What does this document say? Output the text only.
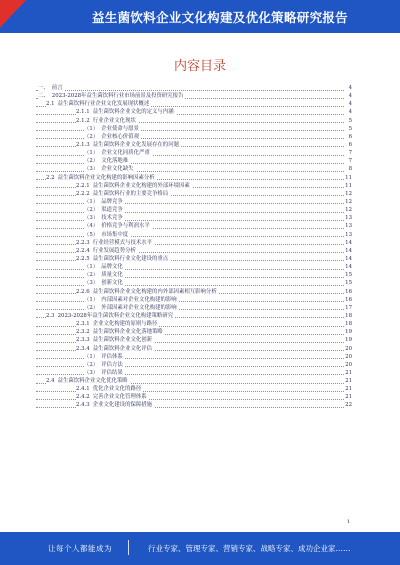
益生菌饮料企业文化构建及优化策略研究报告
内容目录
一、 前言	4
二、 2023-2028年益生菌饮料行业市场前景及投资研究报告	4
2.1 益生菌饮料行业企业文化发展现状概述	4
2.1.1 益生菌饮料企业文化的定义与内涵	4
2.1.2 行业企业文化现状	5
（1） 企业使命与愿景	5
（2） 企业核心价值观	6
2.1.3 益生菌饮料企业文化发展存在的问题	6
（1） 企业文化同质化严重	7
（2） 文化落地难	7
（3） 企业文化缺失	8
2.2 益生菌饮料企业文化构建的影响因素分析	11
2.2.1 益生菌饮料企业文化构建的外部环境因素	11
2.2.2 益生菌饮料行业的主要竞争格局	12
（1） 品牌竞争	12
（2） 渠道竞争	12
（3） 技术竞争	13
（4） 价格竞争与利润水平	13
（5） 市场集中度	13
2.2.3 行业经营模式与技术水平	14
2.2.4 行业发展趋势分析	14
2.2.5 益生菌饮料行业文化建设的重点	14
（1） 品牌文化	14
（2） 质量文化	15
（3） 创新文化	15
2.2.6 益生菌饮料企业文化构建的内外部因素相互影响分析	16
（1） 内部因素对企业文化构建的影响	16
（2） 外部因素对企业文化构建的影响	17
2.3 2023-2028年益生菌饮料企业文化构建策略研究	18
2.3.1 企业文化构建的原则与路径	18
2.3.2 益生菌饮料企业文化落地策略	19
2.3.3 益生菌饮料企业文化创新	19
2.3.4 益生菌饮料企业文化评估	20
（1） 评估体系	20
（2） 评估方法	20
（3） 评估结果	21
2.4 益生菌饮料企业文化优化策略	21
2.4.1 优化企业文化的路径	21
2.4.2 完善企业文化管理体系	21
2.4.3 企业文化建设的保障措施	22
1
让每个人都能成为	行业专家、管理专家、营销专家、战略专家、成功企业家……
